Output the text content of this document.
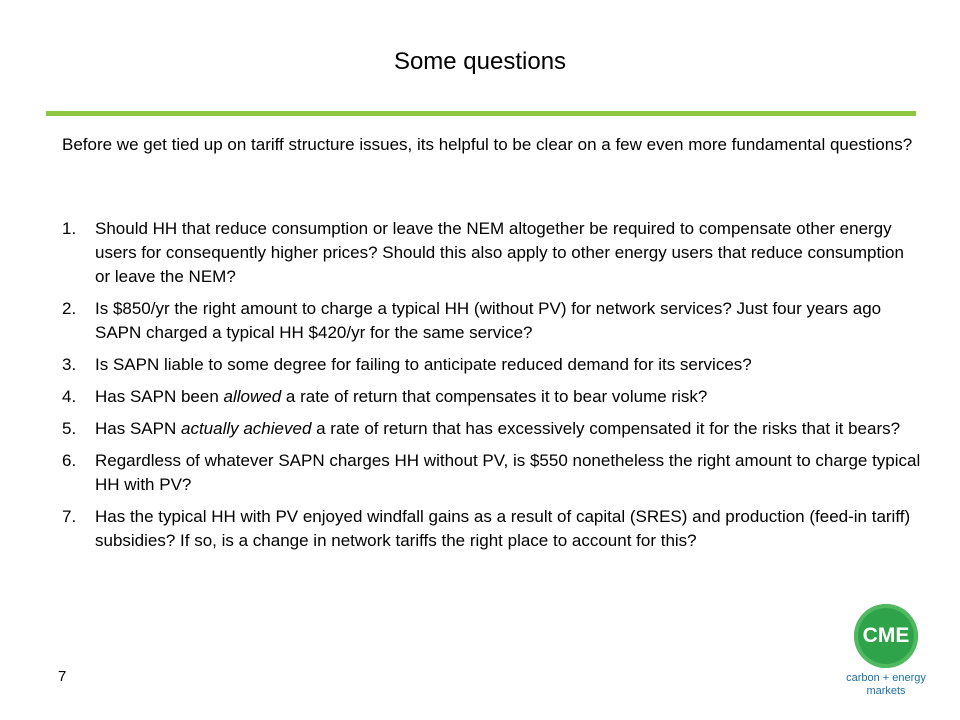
Some questions
Before we get tied up on tariff structure issues, its helpful to be clear on a few even more fundamental questions?
1. Should HH that reduce consumption or leave the NEM altogether be required to compensate other energy users for consequently higher prices? Should this also apply to other energy users that reduce consumption or leave the NEM?
2. Is $850/yr the right amount to charge a typical HH (without PV) for network services? Just four years ago SAPN charged a typical HH $420/yr for the same service?
3. Is SAPN liable to some degree for failing to anticipate reduced demand for its services?
4. Has SAPN been allowed a rate of return that compensates it to bear volume risk?
5. Has SAPN actually achieved a rate of return that has excessively compensated it for the risks that it bears?
6. Regardless of whatever SAPN charges HH without PV, is $550 nonetheless the right amount to charge typical HH with PV?
7. Has the typical HH with PV enjoyed windfall gains as a result of capital (SRES) and production (feed-in tariff) subsidies? If so, is a change in network tariffs the right place to account for this?
7
CME
carbon + energy
markets
